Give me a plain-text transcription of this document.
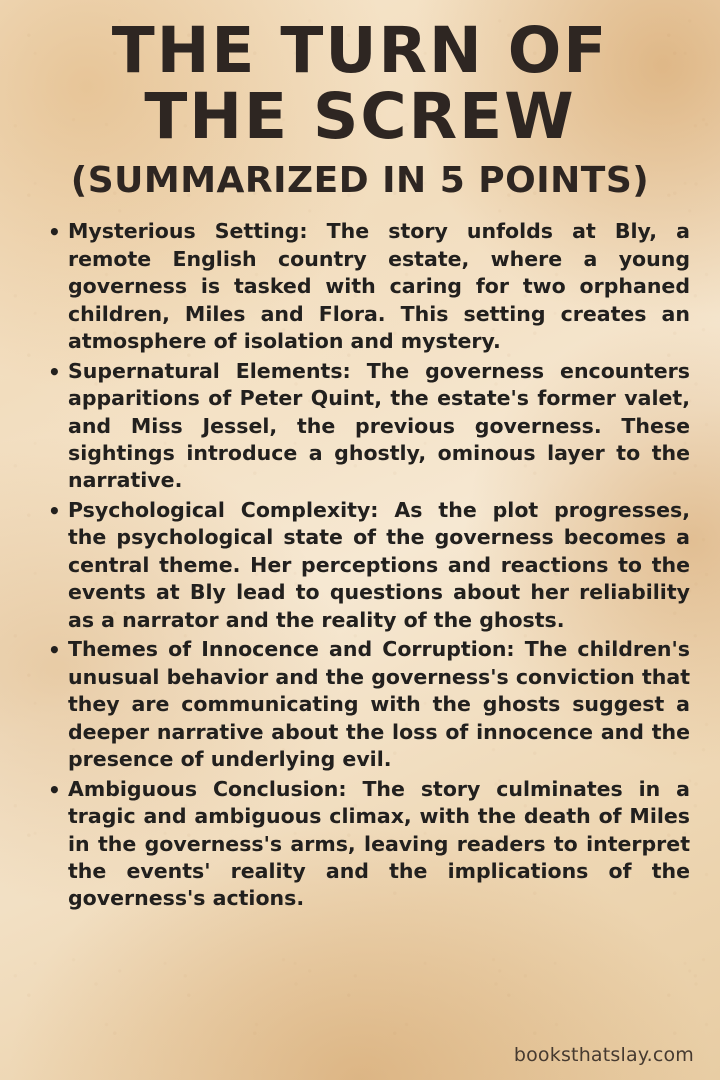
THE TURN OF
THE SCREW
(SUMMARIZED IN 5 POINTS)
• Mysterious Setting: The story unfolds at Bly, a remote English country estate, where a young governess is tasked with caring for two orphaned children, Miles and Flora. This setting creates an atmosphere of isolation and mystery.
• Supernatural Elements: The governess encounters apparitions of Peter Quint, the estate's former valet, and Miss Jessel, the previous governess. These sightings introduce a ghostly, ominous layer to the narrative.
• Psychological Complexity: As the plot progresses, the psychological state of the governess becomes a central theme. Her perceptions and reactions to the events at Bly lead to questions about her reliability as a narrator and the reality of the ghosts.
• Themes of Innocence and Corruption: The children's unusual behavior and the governess's conviction that they are communicating with the ghosts suggest a deeper narrative about the loss of innocence and the presence of underlying evil.
• Ambiguous Conclusion: The story culminates in a tragic and ambiguous climax, with the death of Miles in the governess's arms, leaving readers to interpret the events' reality and the implications of the governess's actions.
booksthatslay.com
